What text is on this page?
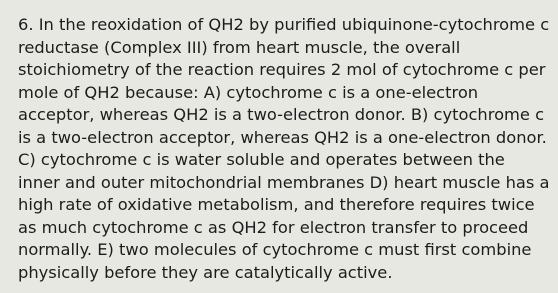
6. In the reoxidation of QH2 by purified ubiquinone-cytochrome c reductase (Complex III) from heart muscle, the overall stoichiometry of the reaction requires 2 mol of cytochrome c per mole of QH2 because: A) cytochrome c is a one-electron acceptor, whereas QH2 is a two-electron donor. B) cytochrome c is a two-electron acceptor, whereas QH2 is a one-electron donor. C) cytochrome c is water soluble and operates between the inner and outer mitochondrial membranes D) heart muscle has a high rate of oxidative metabolism, and therefore requires twice as much cytochrome c as QH2 for electron transfer to proceed normally. E) two molecules of cytochrome c must first combine physically before they are catalytically active.
